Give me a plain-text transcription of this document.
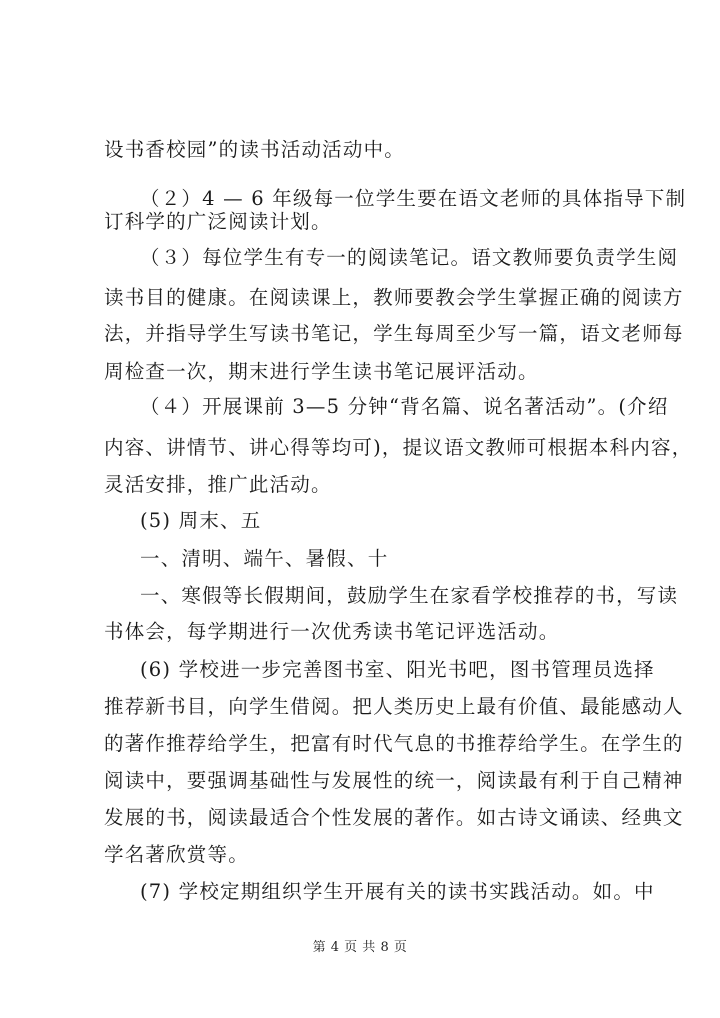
设书香校园”的读书活动活动中。
（２）4 — 6 年级每一位学生要在语文老师的具体指导下制
订科学的广泛阅读计划。
（３）每位学生有专一的阅读笔记。语文教师要负责学生阅
读书目的健康。在阅读课上，教师要教会学生掌握正确的阅读方
法，并指导学生写读书笔记，学生每周至少写一篇，语文老师每
周检查一次，期末进行学生读书笔记展评活动。
（４）开展课前 3—5 分钟“背名篇、说名著活动”。(介绍
内容、讲情节、讲心得等均可)，提议语文教师可根据本科内容，
灵活安排，推广此活动。
(5) 周末、五
一、清明、端午、暑假、十
一、寒假等长假期间，鼓励学生在家看学校推荐的书，写读
书体会，每学期进行一次优秀读书笔记评选活动。
(6) 学校进一步完善图书室、阳光书吧，图书管理员选择
推荐新书目，向学生借阅。把人类历史上最有价值、最能感动人
的著作推荐给学生，把富有时代气息的书推荐给学生。在学生的
阅读中，要强调基础性与发展性的统一，阅读最有利于自己精神
发展的书，阅读最适合个性发展的著作。如古诗文诵读、经典文
学名著欣赏等。
(7) 学校定期组织学生开展有关的读书实践活动。如。中
第 4 页 共 8 页
